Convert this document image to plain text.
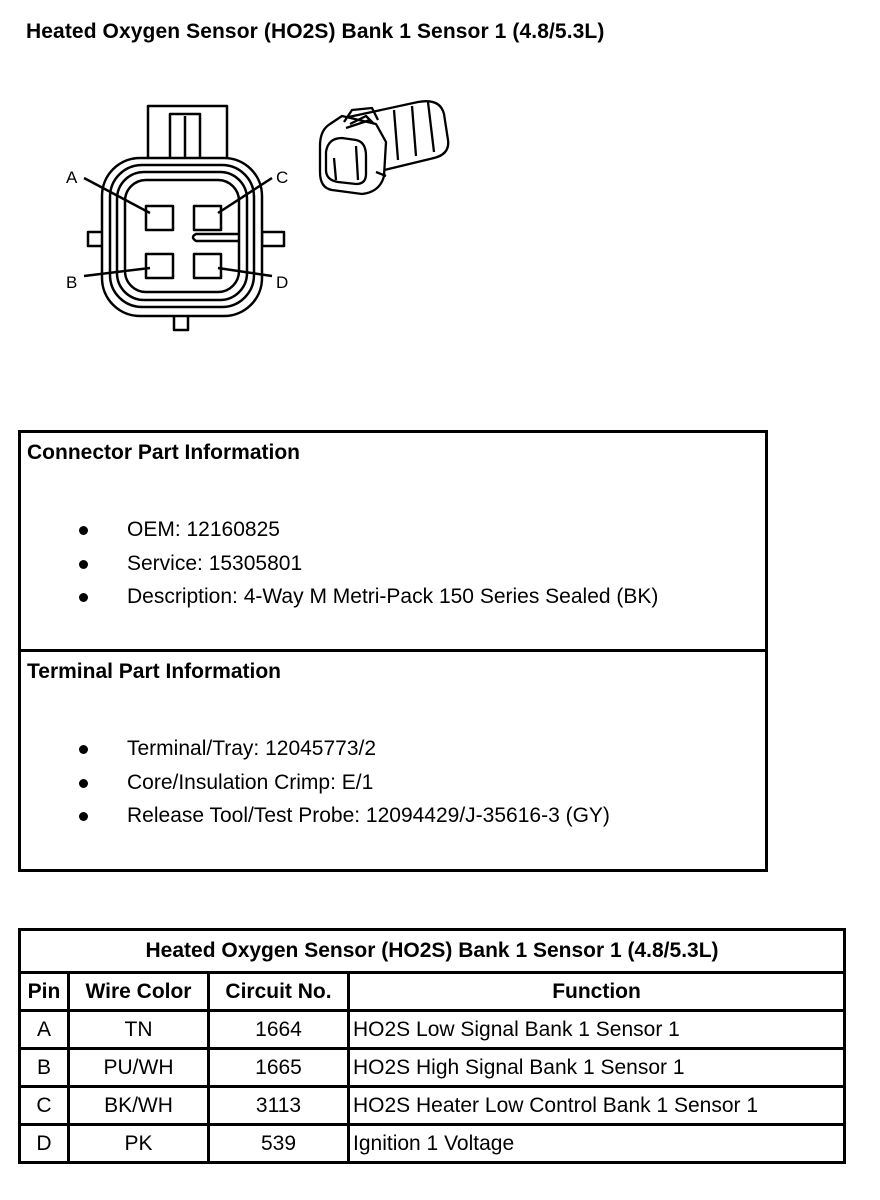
Heated Oxygen Sensor (HO2S) Bank 1 Sensor 1 (4.8/5.3L)
A	C
B	D
Connector Part Information
OEM: 12160825
Service: 15305801
Description: 4-Way M Metri-Pack 150 Series Sealed (BK)
Terminal Part Information
Terminal/Tray: 12045773/2
Core/Insulation Crimp: E/1
Release Tool/Test Probe: 12094429/J-35616-3 (GY)
Heated Oxygen Sensor (HO2S) Bank 1 Sensor 1 (4.8/5.3L)			
Pin	Wire Color	Circuit No.	Function
A	TN	1664	HO2S Low Signal Bank 1 Sensor 1
B	PU/WH	1665	HO2S High Signal Bank 1 Sensor 1
C	BK/WH	3113	HO2S Heater Low Control Bank 1 Sensor 1
D	PK	539	Ignition 1 Voltage
